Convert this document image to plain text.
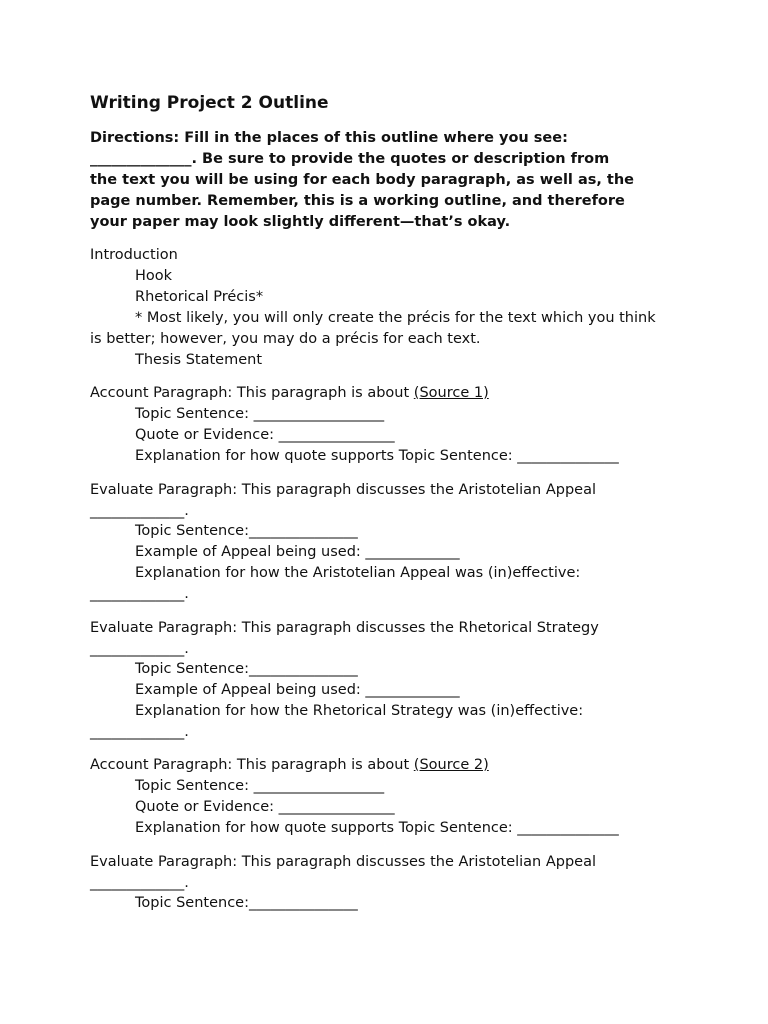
Writing Project 2 Outline
Directions: Fill in the places of this outline where you see:
______________. Be sure to provide the quotes or description from
the text you will be using for each body paragraph, as well as, the
page number. Remember, this is a working outline, and therefore
your paper may look slightly different—that’s okay.
Introduction
Hook
Rhetorical Précis*
* Most likely, you will only create the précis for the text which you think
is better; however, you may do a précis for each text.
Thesis Statement
Account Paragraph: This paragraph is about (Source 1)
Topic Sentence: __________________
Quote or Evidence: ________________
Explanation for how quote supports Topic Sentence: ______________
Evaluate Paragraph: This paragraph discusses the Aristotelian Appeal
_____________.
Topic Sentence:_______________
Example of Appeal being used: _____________
Explanation for how the Aristotelian Appeal was (in)effective:
_____________.
Evaluate Paragraph: This paragraph discusses the Rhetorical Strategy
_____________.
Topic Sentence:_______________
Example of Appeal being used: _____________
Explanation for how the Rhetorical Strategy was (in)effective:
_____________.
Account Paragraph: This paragraph is about (Source 2)
Topic Sentence: __________________
Quote or Evidence: ________________
Explanation for how quote supports Topic Sentence: ______________
Evaluate Paragraph: This paragraph discusses the Aristotelian Appeal
_____________.
Topic Sentence:_______________
